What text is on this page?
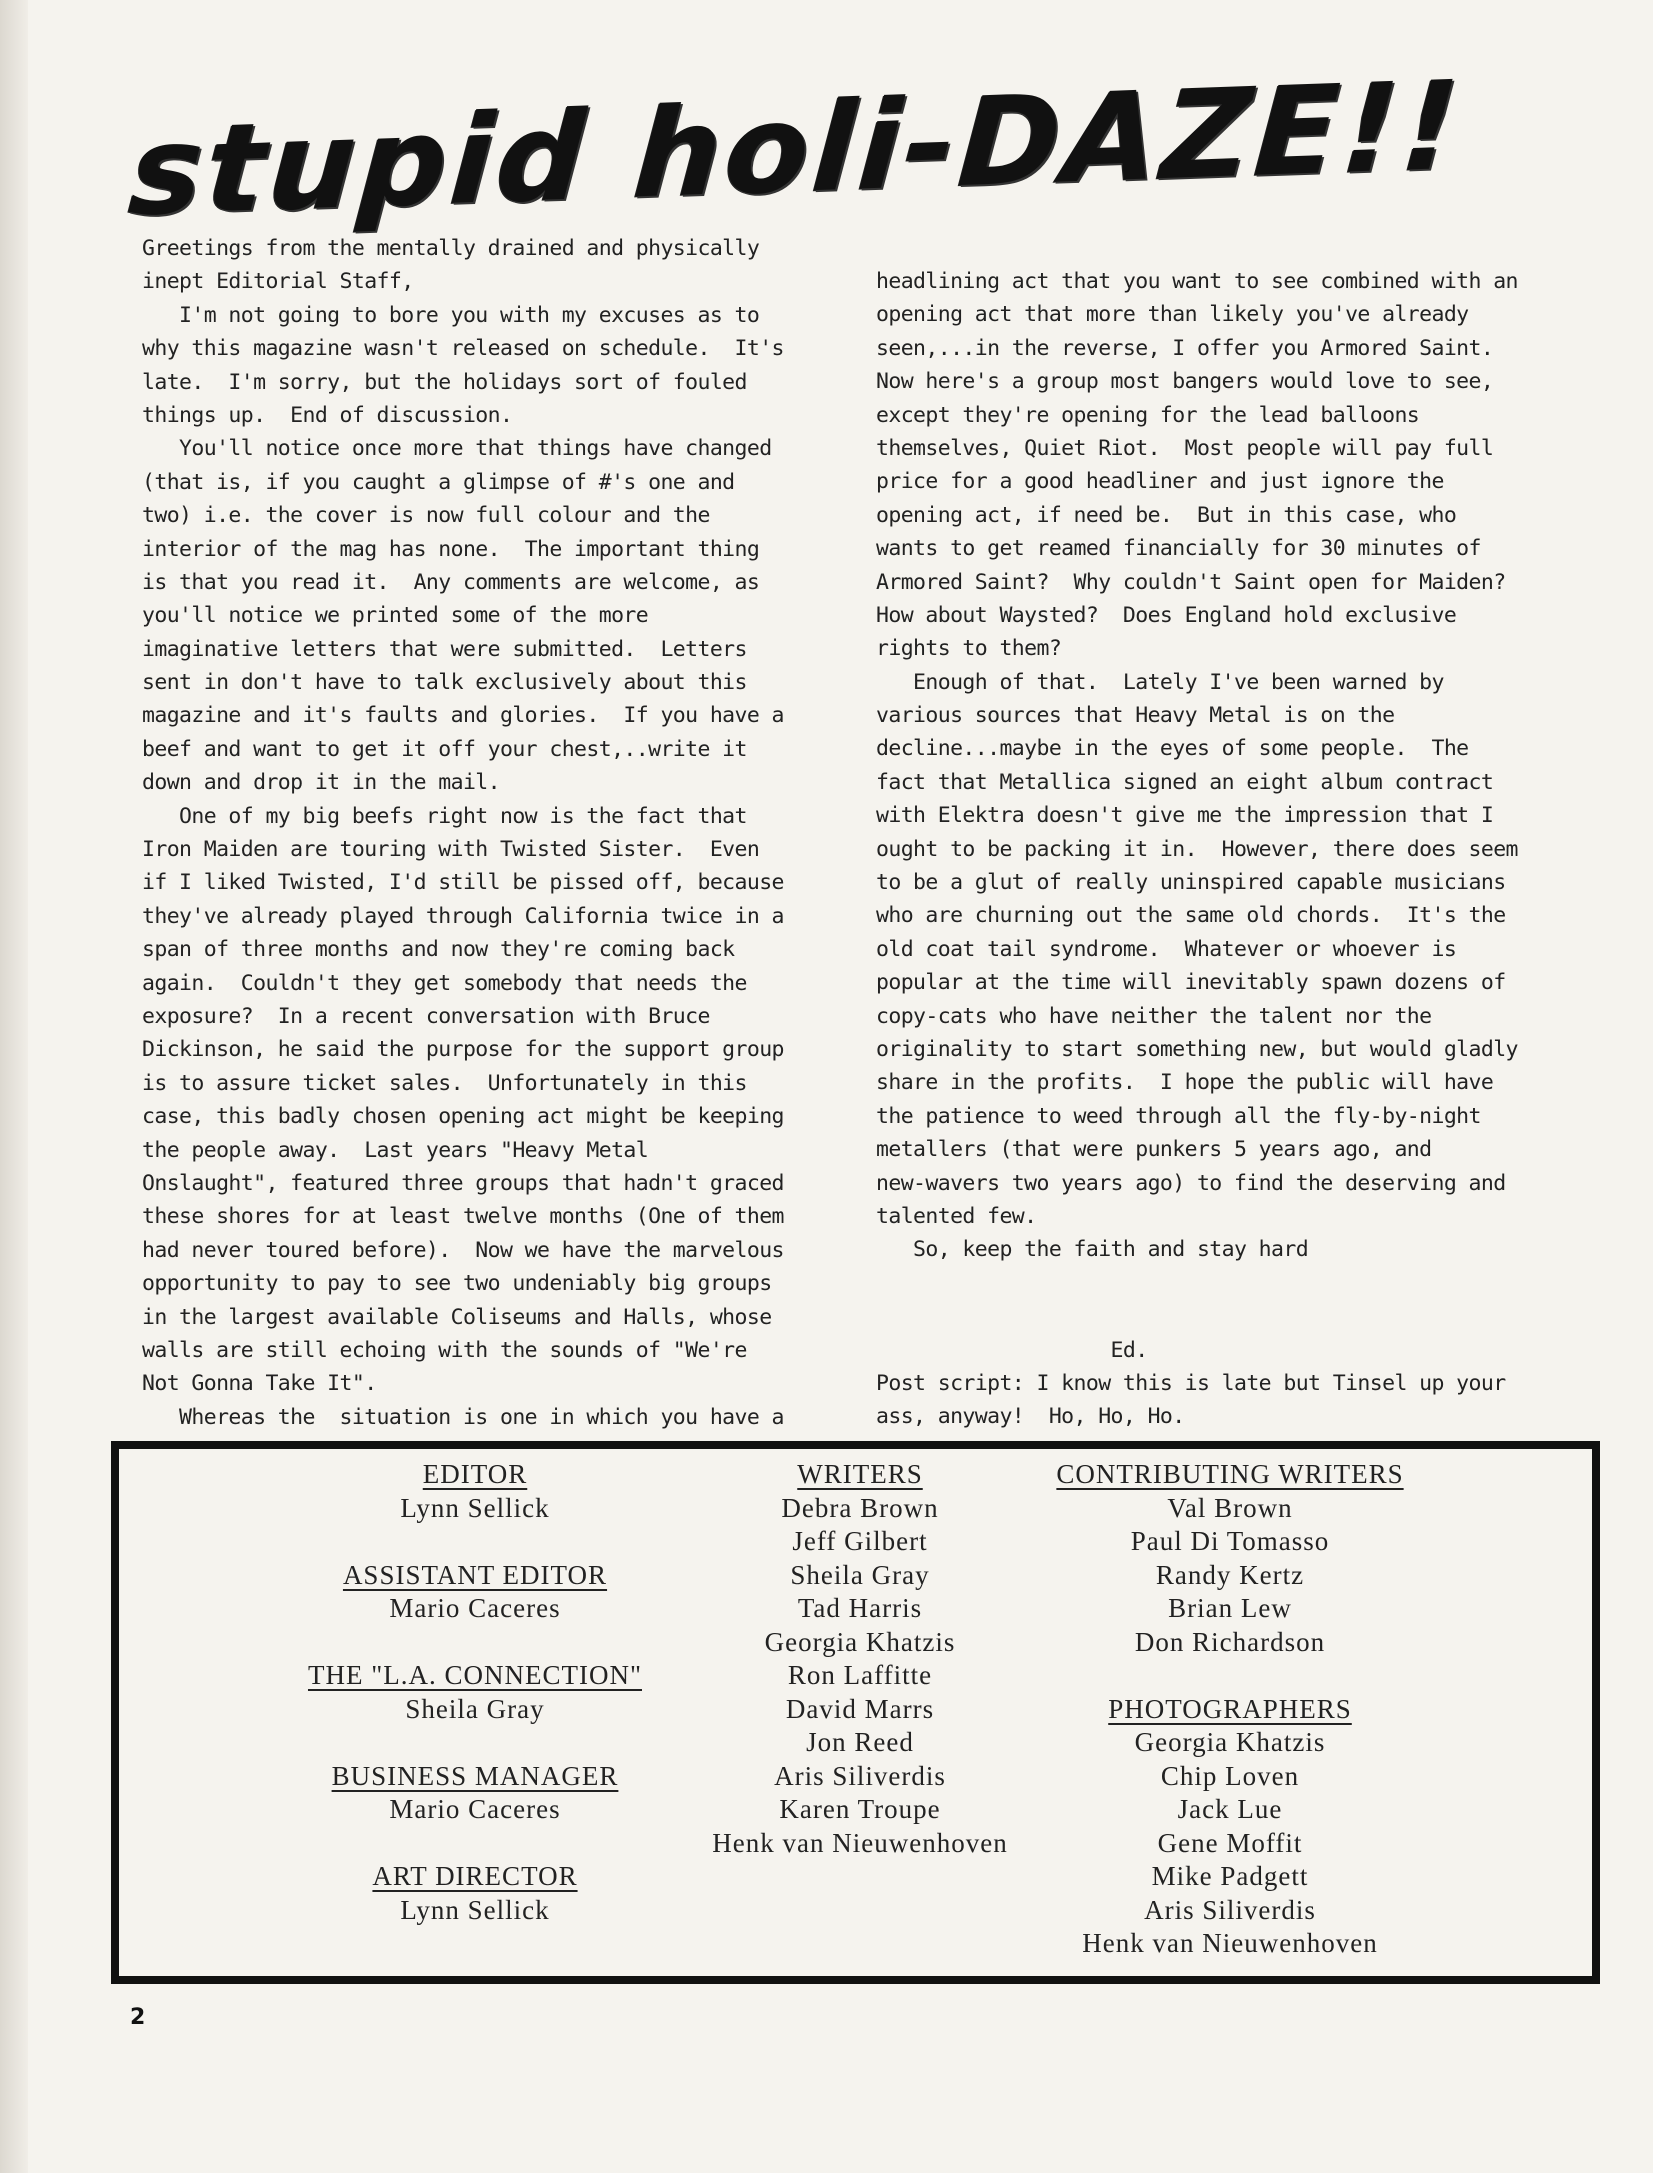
stupid holi-DAZE!!
Greetings from the mentally drained and physically
inept Editorial Staff,
I'm not going to bore you with my excuses as to
why this magazine wasn't released on schedule.  It's
late.  I'm sorry, but the holidays sort of fouled
things up.  End of discussion.
You'll notice once more that things have changed
(that is, if you caught a glimpse of #'s one and
two) i.e. the cover is now full colour and the
interior of the mag has none.  The important thing
is that you read it.  Any comments are welcome, as
you'll notice we printed some of the more
imaginative letters that were submitted.  Letters
sent in don't have to talk exclusively about this
magazine and it's faults and glories.  If you have a
beef and want to get it off your chest,..write it
down and drop it in the mail.
One of my big beefs right now is the fact that
Iron Maiden are touring with Twisted Sister.  Even
if I liked Twisted, I'd still be pissed off, because
they've already played through California twice in a
span of three months and now they're coming back
again.  Couldn't they get somebody that needs the
exposure?  In a recent conversation with Bruce
Dickinson, he said the purpose for the support group
is to assure ticket sales.  Unfortunately in this
case, this badly chosen opening act might be keeping
the people away.  Last years "Heavy Metal
Onslaught", featured three groups that hadn't graced
these shores for at least twelve months (One of them
had never toured before).  Now we have the marvelous
opportunity to pay to see two undeniably big groups
in the largest available Coliseums and Halls, whose
walls are still echoing with the sounds of "We're
Not Gonna Take It".
Whereas the  situation is one in which you have a
headlining act that you want to see combined with an
opening act that more than likely you've already
seen,...in the reverse, I offer you Armored Saint.
Now here's a group most bangers would love to see,
except they're opening for the lead balloons
themselves, Quiet Riot.  Most people will pay full
price for a good headliner and just ignore the
opening act, if need be.  But in this case, who
wants to get reamed financially for 30 minutes of
Armored Saint?  Why couldn't Saint open for Maiden?
How about Waysted?  Does England hold exclusive
rights to them?
Enough of that.  Lately I've been warned by
various sources that Heavy Metal is on the
decline...maybe in the eyes of some people.  The
fact that Metallica signed an eight album contract
with Elektra doesn't give me the impression that I
ought to be packing it in.  However, there does seem
to be a glut of really uninspired capable musicians
who are churning out the same old chords.  It's the
old coat tail syndrome.  Whatever or whoever is
popular at the time will inevitably spawn dozens of
copy-cats who have neither the talent nor the
originality to start something new, but would gladly
share in the profits.  I hope the public will have
the patience to weed through all the fly-by-night
metallers (that were punkers 5 years ago, and
new-wavers two years ago) to find the deserving and
talented few.
So, keep the faith and stay hard
Ed.
Post script: I know this is late but Tinsel up your
ass, anyway!  Ho, Ho, Ho.
EDITOR
Lynn Sellick
ASSISTANT EDITOR
Mario Caceres
THE "L.A. CONNECTION"
Sheila Gray
BUSINESS MANAGER
Mario Caceres
ART DIRECTOR
Lynn Sellick
WRITERS
Debra Brown
Jeff Gilbert
Sheila Gray
Tad Harris
Georgia Khatzis
Ron Laffitte
David Marrs
Jon Reed
Aris Siliverdis
Karen Troupe
Henk van Nieuwenhoven
CONTRIBUTING WRITERS
Val Brown
Paul Di Tomasso
Randy Kertz
Brian Lew
Don Richardson
PHOTOGRAPHERS
Georgia Khatzis
Chip Loven
Jack Lue
Gene Moffit
Mike Padgett
Aris Siliverdis
Henk van Nieuwenhoven
2
